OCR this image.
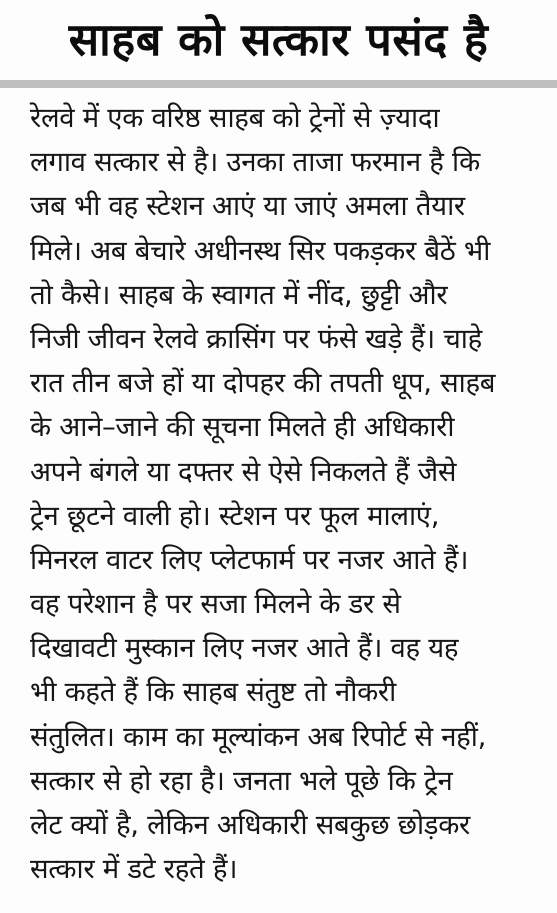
साहब को सत्कार पसंद है
रेलवे में एक वरिष्ठ साहब को ट्रेनों से ज़्यादा
लगाव सत्कार से है। उनका ताजा फरमान है कि
जब भी वह स्टेशन आएं या जाएं अमला तैयार
मिले। अब बेचारे अधीनस्थ सिर पकड़कर बैठें भी
तो कैसे। साहब के स्वागत में नींद, छुट्टी और
निजी जीवन रेलवे क्रासिंग पर फंसे खड़े हैं। चाहे
रात तीन बजे हों या दोपहर की तपती धूप, साहब
के आने–जाने की सूचना मिलते ही अधिकारी
अपने बंगले या दफ्तर से ऐसे निकलते हैं जैसे
ट्रेन छूटने वाली हो। स्टेशन पर फूल मालाएं,
मिनरल वाटर लिए प्लेटफार्म पर नजर आते हैं।
वह परेशान है पर सजा मिलने के डर से
दिखावटी मुस्कान लिए नजर आते हैं। वह यह
भी कहते हैं कि साहब संतुष्ट तो नौकरी
संतुलित। काम का मूल्यांकन अब रिपोर्ट से नहीं,
सत्कार से हो रहा है। जनता भले पूछे कि ट्रेन
लेट क्यों है, लेकिन अधिकारी सबकुछ छोड़कर
सत्कार में डटे रहते हैं।
